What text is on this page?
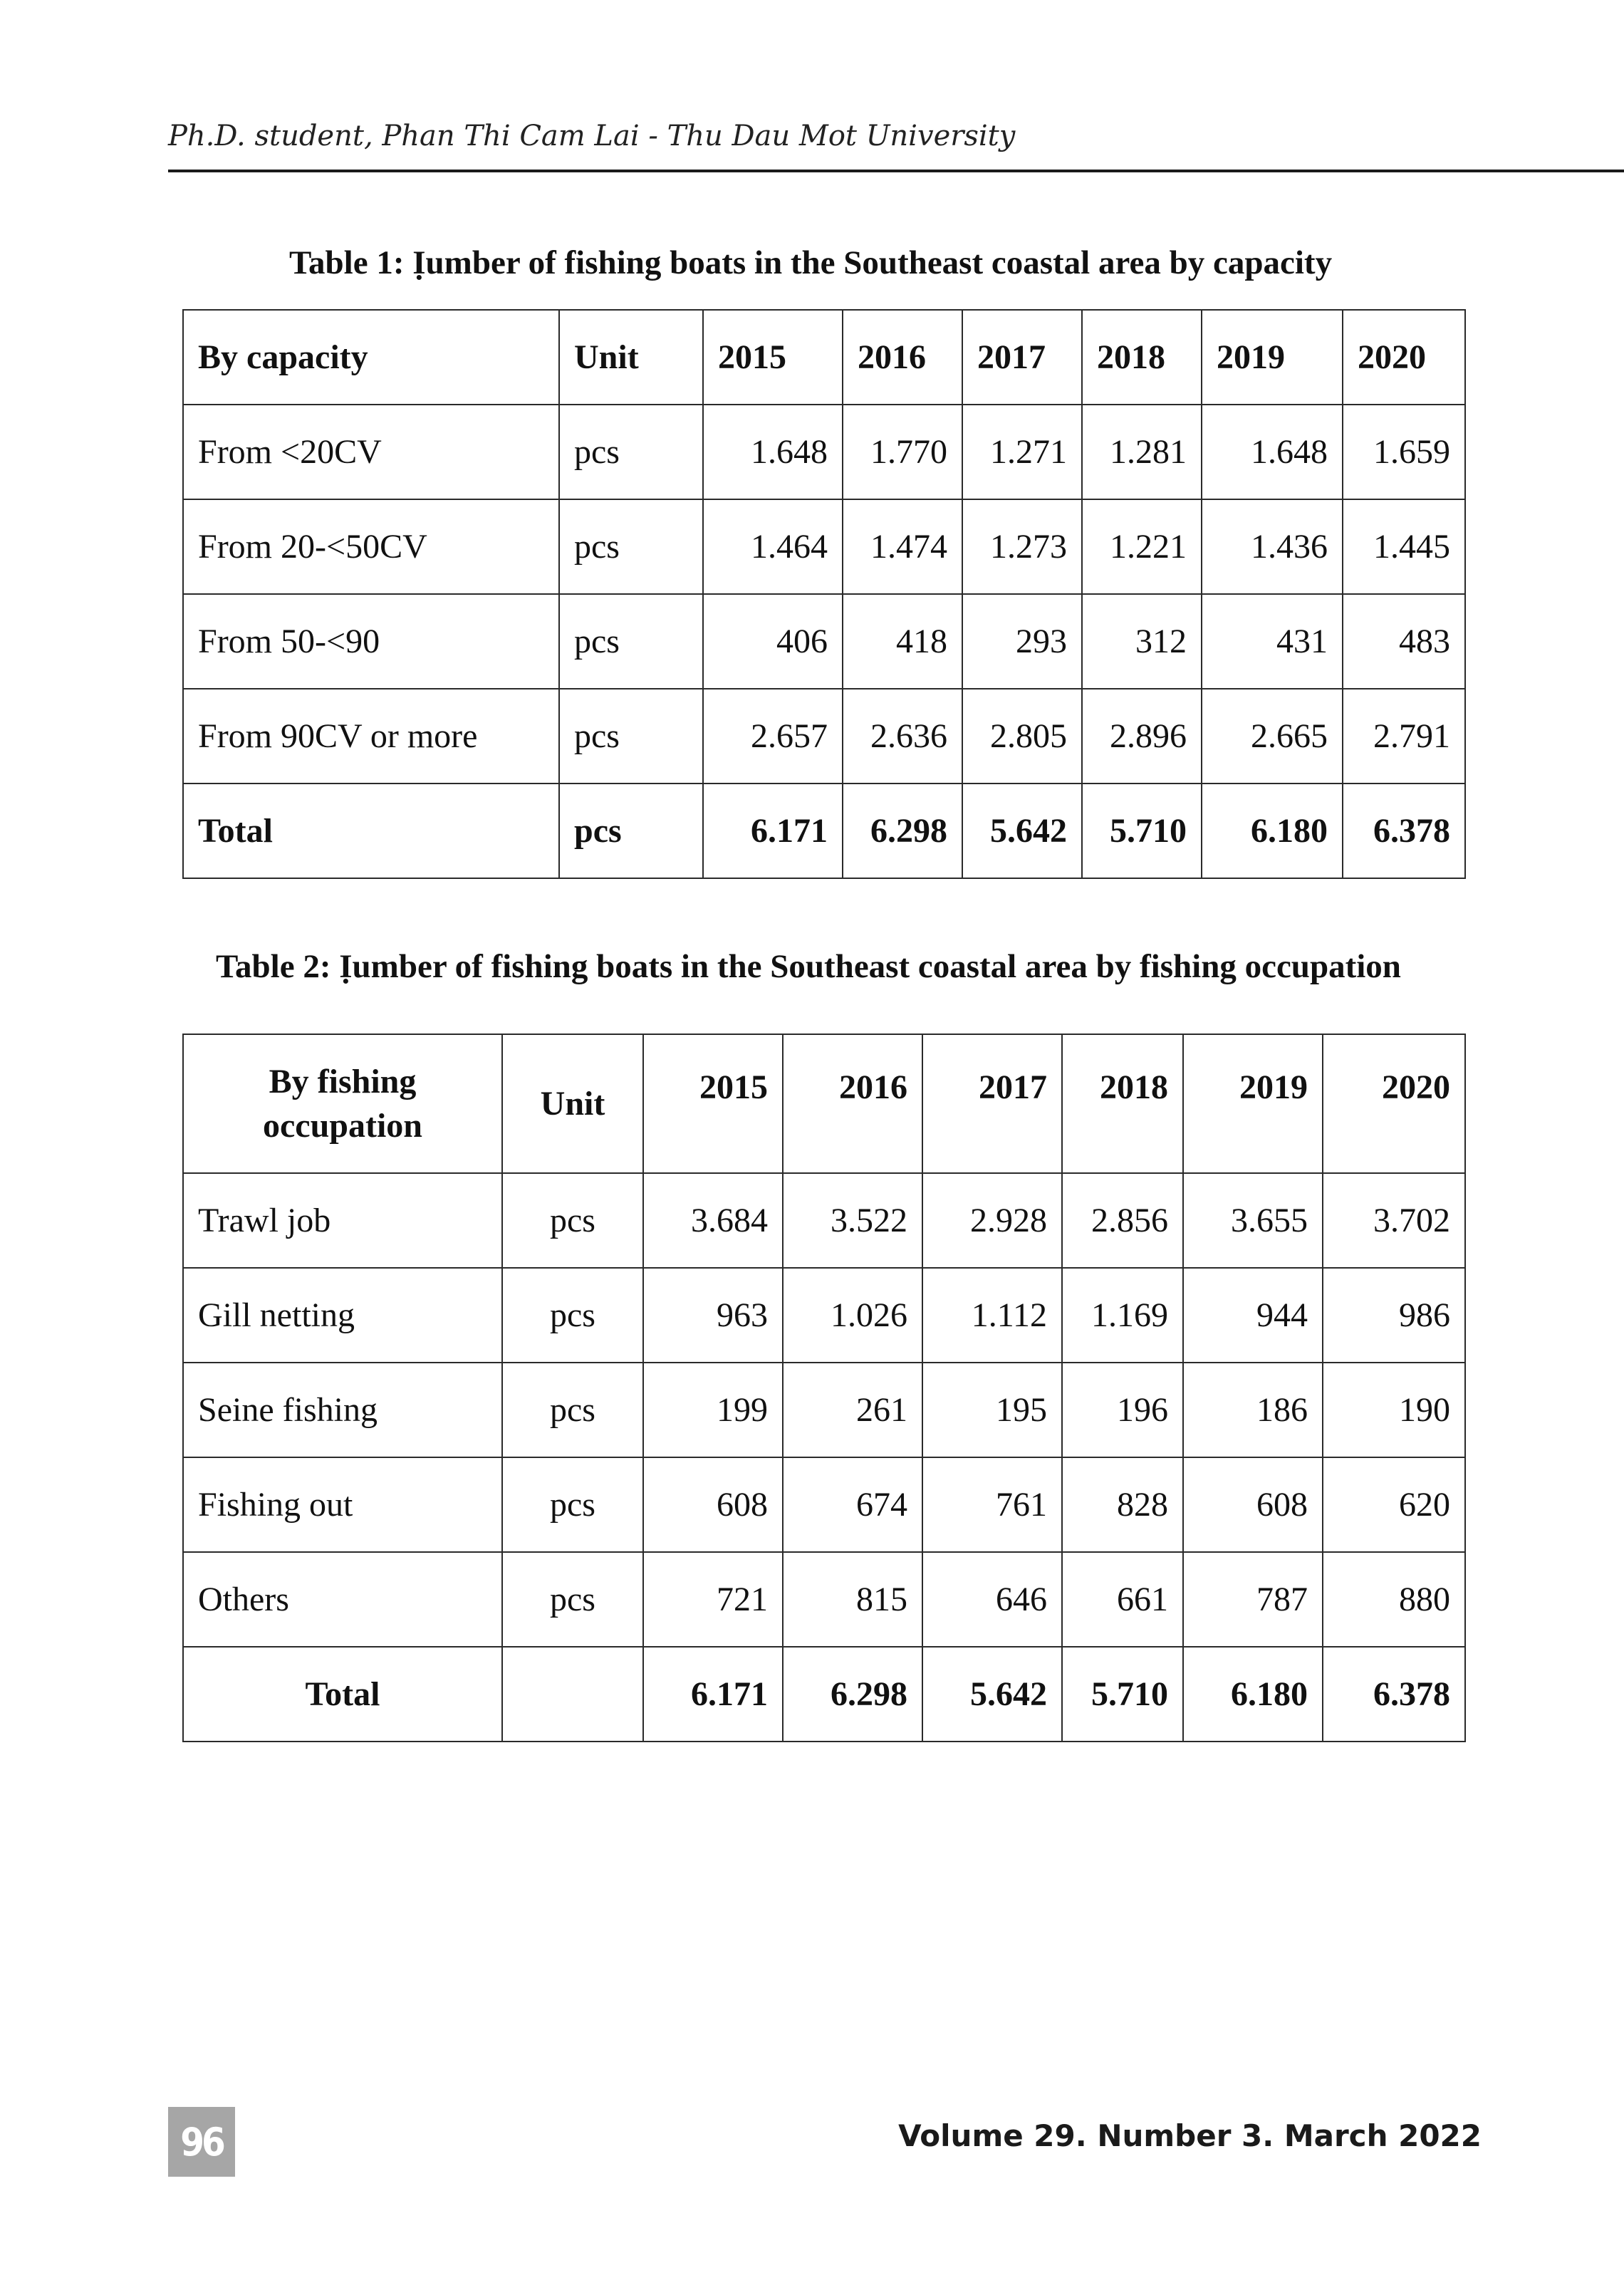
Ph.D. student, Phan Thi Cam Lai - Thu Dau Mot University
Table 1: Ịumber of fishing boats in the Southeast coastal area by capacity
By capacity	Unit	2015	2016	2017	2018	2019	2020
From <20CV	pcs	1.648	1.770	1.271	1.281	1.648	1.659
From 20-<50CV	pcs	1.464	1.474	1.273	1.221	1.436	1.445
From 50-<90	pcs	406	418	293	312	431	483
From 90CV or more	pcs	2.657	2.636	2.805	2.896	2.665	2.791
Total	pcs	6.171	6.298	5.642	5.710	6.180	6.378
Table 2: Ịumber of fishing boats in the Southeast coastal area by fishing occupation
By fishing occupation	Unit	2015	2016	2017	2018	2019	2020
Trawl job	pcs	3.684	3.522	2.928	2.856	3.655	3.702
Gill netting	pcs	963	1.026	1.112	1.169	944	986
Seine fishing	pcs	199	261	195	196	186	190
Fishing out	pcs	608	674	761	828	608	620
Others	pcs	721	815	646	661	787	880
Total		6.171	6.298	5.642	5.710	6.180	6.378
96	Volume 29. Number 3. March 2022
